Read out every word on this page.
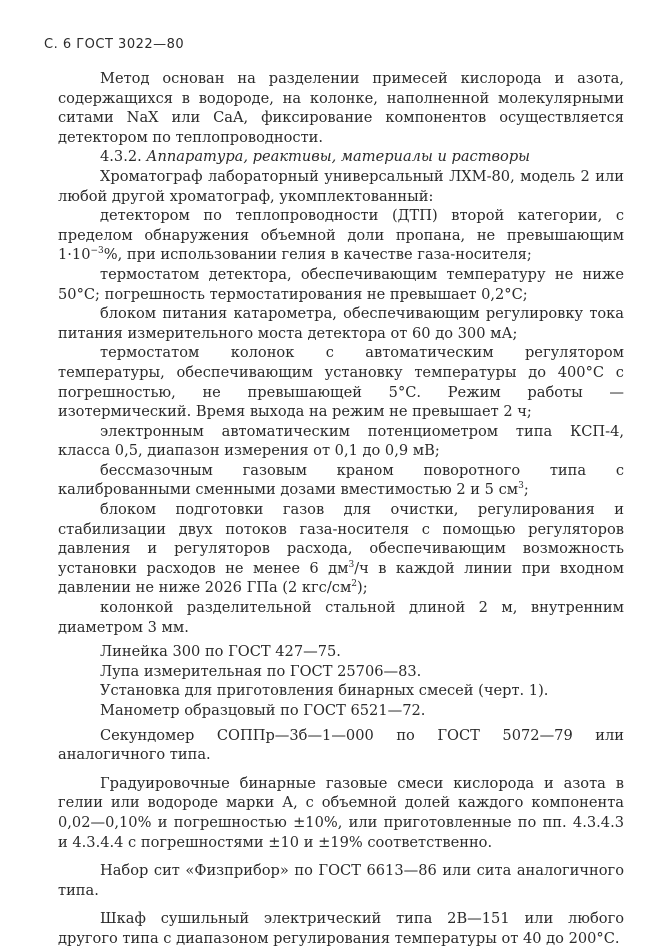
С. 6 ГОСТ 3022—80

Метод основан на разделении примесей кислорода и азота, содержащихся в водороде, на колонке, наполненной молекулярными ситами NaX или CaA, фиксирование компонентов осуществляется детектором по теплопроводности.

4.3.2. Аппаратура, реактивы, материалы и растворы

Хроматограф лабораторный универсальный ЛХМ-80, модель 2 или любой другой хроматограф, укомплектованный:

детектором по теплопроводности (ДТП) второй категории, с пределом обнаружения объемной доли пропана, не превышающим $1\cdot 10^{-3}\%$, при использовании гелия в качестве газа-носителя;

термостатом детектора, обеспечивающим температуру не ниже 50°С; погрешность термостатирования не превышает 0,2°С;

блоком питания катарометра, обеспечивающим регулировку тока питания измерительного моста детектора от 60 до 300 мА;

термостатом колонок с автоматическим регулятором температуры, обеспечивающим установку температуры до 400°С с погрешностью, не превышающей 5°С. Режим работы — изотермический. Время выхода на режим не превышает 2 ч;

электронным автоматическим потенциометром типа КСП-4, класса 0,5, диапазон измерения от 0,1 до 0,9 мВ;

бессмазочным газовым краном поворотного типа с калиброванными сменными дозами вместимостью 2 и 5 $см^3$;

блоком подготовки газов для очистки, регулирования и стабилизации двух потоков газа-носителя с помощью регуляторов давления и регуляторов расхода, обеспечивающим возможность установки расходов не менее 6 $дм^3/ч$ в каждой линии при входном давлении не ниже 2026 ГПа (2 кгс/$см^2$);

колонкой разделительной стальной длиной 2 м, внутренним диаметром 3 мм.

Линейка 300 по ГОСТ 427—75.

Лупа измерительная по ГОСТ 25706—83.

Установка для приготовления бинарных смесей (черт. 1).

Манометр образцовый по ГОСТ 6521—72.

Секундомер СОППр—3б—1—000 по ГОСТ 5072—79 или аналогичного типа.

Градуировочные бинарные газовые смеси кислорода и азота в гелии или водороде марки А, с объемной долей каждого компонента 0,02—0,10% и погрешностью ±10%, или приготовленные по пп. 4.3.4.3 и 4.3.4.4 с погрешностями ±10 и ±19% соответственно.

Набор сит «Физприбор» по ГОСТ 6613—86 или сита аналогичного типа.

Шкаф сушильный электрический типа 2В—151 или любого другого типа с диапазоном регулирования температуры от 40 до 200°С.
